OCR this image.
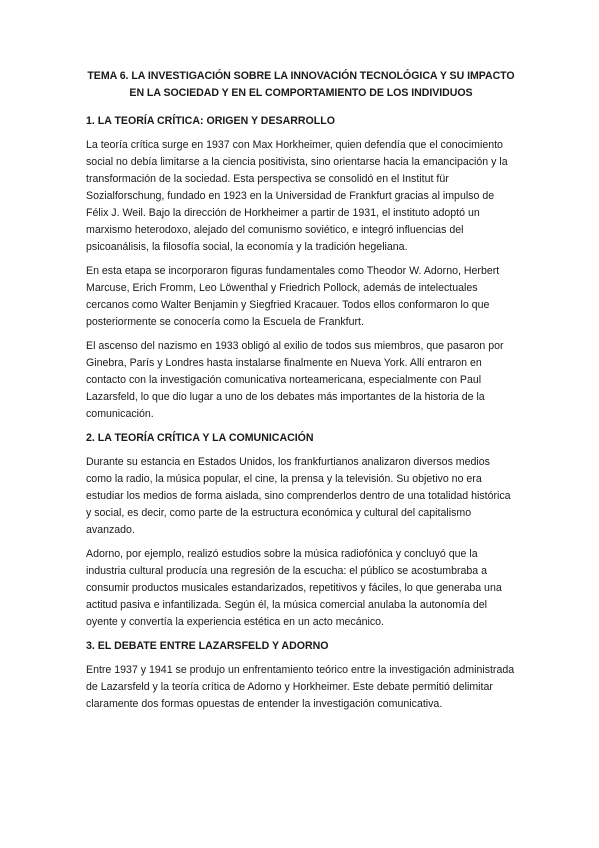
TEMA 6. LA INVESTIGACIÓN SOBRE LA INNOVACIÓN TECNOLÓGICA Y SU IMPACTO EN LA SOCIEDAD Y EN EL COMPORTAMIENTO DE LOS INDIVIDUOS
1. LA TEORÍA CRÍTICA: ORIGEN Y DESARROLLO

La teoría crítica surge en 1937 con Max Horkheimer, quien defendía que el conocimiento social no debía limitarse a la ciencia positivista, sino orientarse hacia la emancipación y la transformación de la sociedad. Esta perspectiva se consolidó en el Institut für Sozialforschung, fundado en 1923 en la Universidad de Frankfurt gracias al impulso de Félix J. Weil. Bajo la dirección de Horkheimer a partir de 1931, el instituto adoptó un marxismo heterodoxo, alejado del comunismo soviético, e integró influencias del psicoanálisis, la filosofía social, la economía y la tradición hegeliana.

En esta etapa se incorporaron figuras fundamentales como Theodor W. Adorno, Herbert Marcuse, Erich Fromm, Leo Löwenthal y Friedrich Pollock, además de intelectuales cercanos como Walter Benjamin y Siegfried Kracauer. Todos ellos conformaron lo que posteriormente se conocería como la Escuela de Frankfurt.

El ascenso del nazismo en 1933 obligó al exilio de todos sus miembros, que pasaron por Ginebra, París y Londres hasta instalarse finalmente en Nueva York. Allí entraron en contacto con la investigación comunicativa norteamericana, especialmente con Paul Lazarsfeld, lo que dio lugar a uno de los debates más importantes de la historia de la comunicación.

2. LA TEORÍA CRÍTICA Y LA COMUNICACIÓN

Durante su estancia en Estados Unidos, los frankfurtianos analizaron diversos medios como la radio, la música popular, el cine, la prensa y la televisión. Su objetivo no era estudiar los medios de forma aislada, sino comprenderlos dentro de una totalidad histórica y social, es decir, como parte de la estructura económica y cultural del capitalismo avanzado.

Adorno, por ejemplo, realizó estudios sobre la música radiofónica y concluyó que la industria cultural producía una regresión de la escucha: el público se acostumbraba a consumir productos musicales estandarizados, repetitivos y fáciles, lo que generaba una actitud pasiva e infantilizada. Según él, la música comercial anulaba la autonomía del oyente y convertía la experiencia estética en un acto mecánico.

3. EL DEBATE ENTRE LAZARSFELD Y ADORNO

Entre 1937 y 1941 se produjo un enfrentamiento teórico entre la investigación administrada de Lazarsfeld y la teoría crítica de Adorno y Horkheimer. Este debate permitió delimitar claramente dos formas opuestas de entender la investigación comunicativa.
